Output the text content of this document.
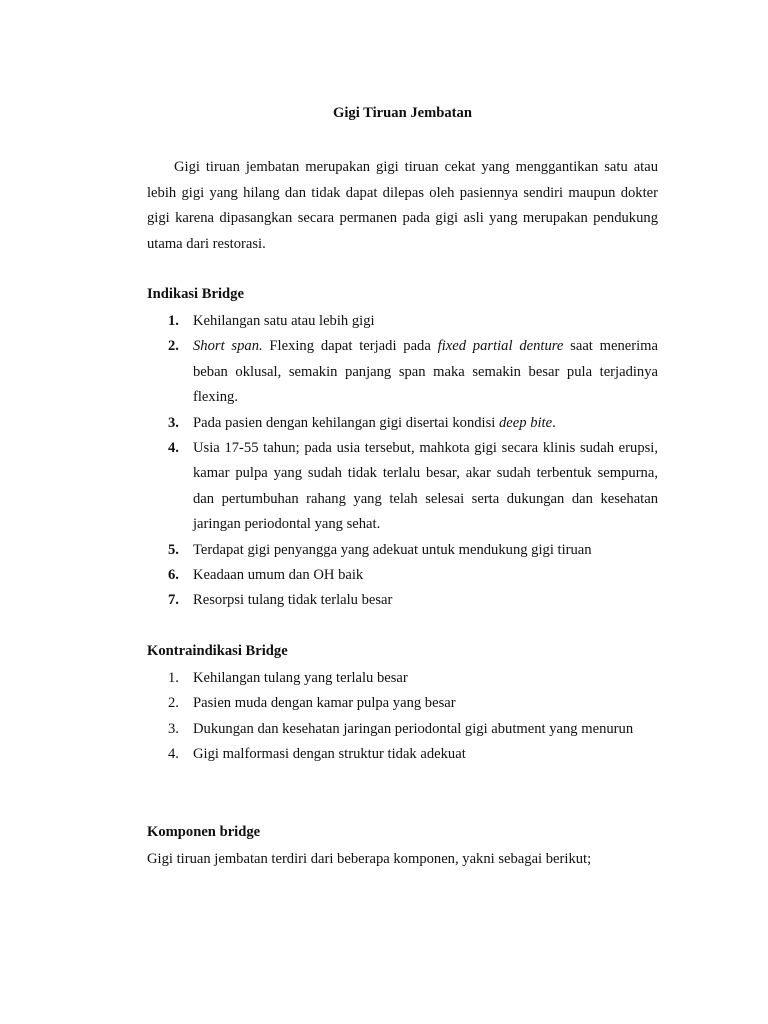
Gigi Tiruan Jembatan

Gigi tiruan jembatan merupakan gigi tiruan cekat yang menggantikan satu atau lebih gigi yang hilang dan tidak dapat dilepas oleh pasiennya sendiri maupun dokter gigi karena dipasangkan secara permanen pada gigi asli yang merupakan pendukung utama dari restorasi.

Indikasi Bridge
1. Kehilangan satu atau lebih gigi
2. Short span. Flexing dapat terjadi pada fixed partial denture saat menerima beban oklusal, semakin panjang span maka semakin besar pula terjadinya flexing.
3. Pada pasien dengan kehilangan gigi disertai kondisi deep bite.
4. Usia 17-55 tahun; pada usia tersebut, mahkota gigi secara klinis sudah erupsi, kamar pulpa yang sudah tidak terlalu besar, akar sudah terbentuk sempurna, dan pertumbuhan rahang yang telah selesai serta dukungan dan kesehatan jaringan periodontal yang sehat.
5. Terdapat gigi penyangga yang adekuat untuk mendukung gigi tiruan
6. Keadaan umum dan OH baik
7. Resorpsi tulang tidak terlalu besar
Kontraindikasi Bridge
1. Kehilangan tulang yang terlalu besar
2. Pasien muda dengan kamar pulpa yang besar
3. Dukungan dan kesehatan jaringan periodontal gigi abutment yang menurun
4. Gigi malformasi dengan struktur tidak adekuat
Komponen bridge

Gigi tiruan jembatan terdiri dari beberapa komponen, yakni sebagai berikut;
